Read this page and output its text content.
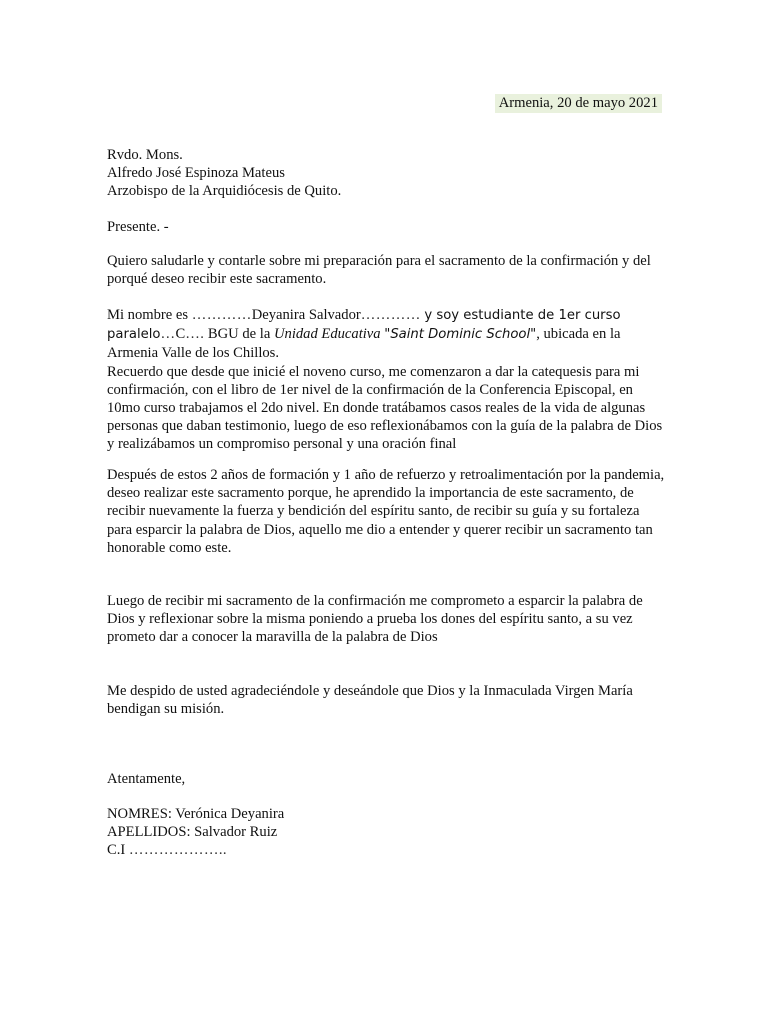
Armenia, 20 de mayo 2021

Rvdo. Mons.

Alfredo José Espinoza Mateus

Arzobispo de la Arquidiócesis de Quito.

Presente. -

Quiero saludarle y contarle sobre mi preparación para el sacramento de la confirmación y del porqué deseo recibir este sacramento.

Mi nombre es …………Deyanira Salvador………… y soy estudiante de 1er curso
paralelo…C…. BGU de la Unidad Educativa "Saint Dominic School", ubicada en la Armenia Valle de los Chillos.

Recuerdo que desde que inicié el noveno curso, me comenzaron a dar la catequesis para mi confirmación, con el libro de 1er nivel de la confirmación de la Conferencia Episcopal, en 10mo curso trabajamos el 2do nivel. En donde tratábamos casos reales de la vida de algunas personas que daban testimonio, luego de eso reflexionábamos con la guía de la palabra de Dios y realizábamos un compromiso personal y una oración final

Después de estos 2 años de formación y 1 año de refuerzo y retroalimentación por la pandemia, deseo realizar este sacramento porque, he aprendido la importancia de este sacramento, de recibir nuevamente la fuerza y bendición del espíritu santo, de recibir su guía y su fortaleza para esparcir la palabra de Dios, aquello me dio a entender y querer recibir un sacramento tan honorable como este.

Luego de recibir mi sacramento de la confirmación me comprometo a esparcir la palabra de Dios y reflexionar sobre la misma poniendo a prueba los dones del espíritu santo, a su vez prometo dar a conocer la maravilla de la palabra de Dios

Me despido de usted agradeciéndole y deseándole que Dios y la Inmaculada Virgen María bendigan su misión.

Atentamente,

NOMRES: Verónica Deyanira

APELLIDOS: Salvador Ruiz

C.I ………………..
